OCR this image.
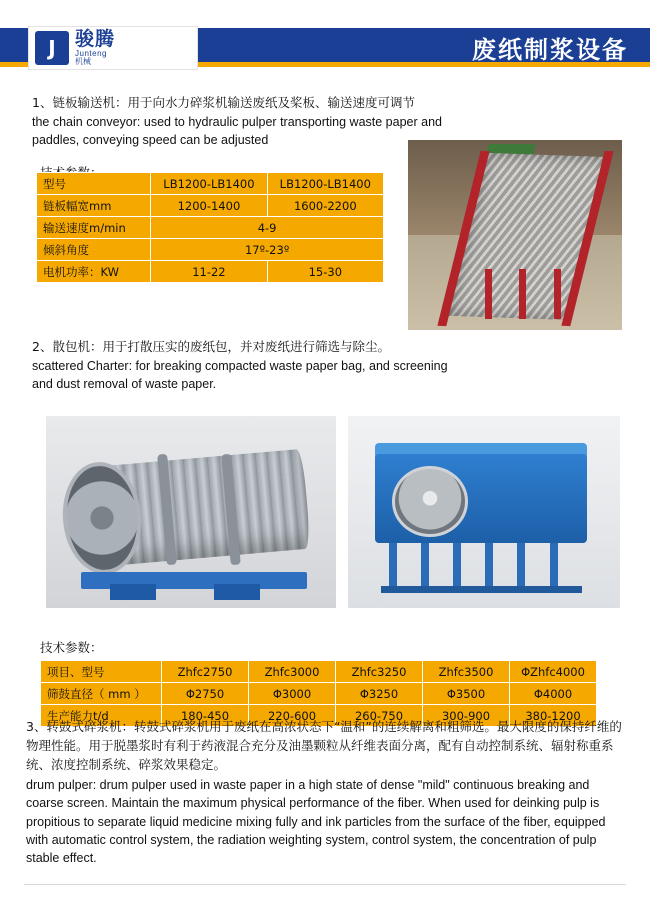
J	骏腾
Junteng
机械	废纸制浆设备

1、链板输送机：用于向水力碎浆机输送废纸及桨板、输送速度可调节

the chain conveyor: used to hydraulic pulper transporting waste paper and paddles, conveying speed can be adjusted

型号	LB1200-LB1400	LB1200-LB1400
链板幅宽mm	1200-1400	1600-2200
输送速度m/min	4-9	
倾斜角度	17º-23º	
电机功率：KW	11-22	15-30

2、散包机：用于打散压实的废纸包，并对废纸进行筛选与除尘。

scattered Charter: for breaking compacted waste paper bag, and screening and dust removal of waste paper.

技术参数：
项目、型号	Zhfc2750	Zhfc3000	Zhfc3250	Zhfc3500	ΦZhfc4000
筛鼓直径（ mm ）	Φ2750	Φ3000	Φ3250	Φ3500	Φ4000
生产能力t/d	180-450	220-600	260-750	300-900	380-1200

3、转鼓式碎浆机：转鼓式碎浆机用于废纸在高浓状态下“温和”的连续解离和粗筛选。最大限度的保持纤维的物理性能。用于脱墨浆时有利于药液混合充分及油墨颗粒从纤维表面分离，配有自动控制系统、辐射称重系统、浓度控制系统、碎浆效果稳定。

drum pulper: drum pulper used in waste paper in a high state of dense "mild" continuous breaking and coarse screen. Maintain the maximum physical performance of the fiber. When used for deinking pulp is propitious to separate liquid medicine mixing fully and ink particles from the surface of the fiber, equipped with automatic control system, the radiation weighting system, control system, the concentration of pulp stable effect.
